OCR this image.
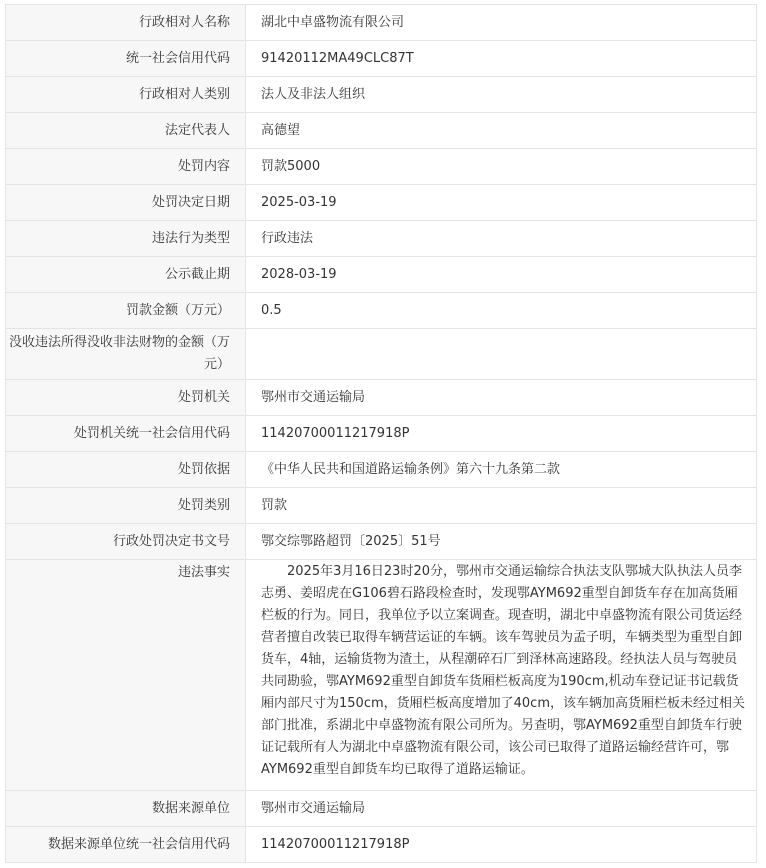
行政相对人名称	湖北中卓盛物流有限公司
统一社会信用代码	91420112MA49CLC87T
行政相对人类别	法人及非法人组织
法定代表人	高德望
处罚内容	罚款5000
处罚决定日期	2025-03-19
违法行为类型	行政违法
公示截止期	2028-03-19
罚款金额（万元）	0.5
没收违法所得没收非法财物的金额（万元）	
处罚机关	鄂州市交通运输局
处罚机关统一社会信用代码	11420700011217918P
处罚依据	《中华人民共和国道路运输条例》第六十九条第二款
处罚类别	罚款
行政处罚决定书文号	鄂交综鄂路超罚〔2025〕51号
违法事实	2025年3月16日23时20分，鄂州市交通运输综合执法支队鄂城大队执法人员李志勇、姜昭虎在G106碧石路段检查时，发现鄂AYM692重型自卸货车存在加高货厢栏板的行为。同日，我单位予以立案调查。现查明，湖北中卓盛物流有限公司货运经营者擅自改装已取得车辆营运证的车辆。该车驾驶员为孟子明，车辆类型为重型自卸货车，4轴，运输货物为渣土，从程潮碎石厂到泽林高速路段。经执法人员与驾驶员共同勘验，鄂AYM692重型自卸货车货厢栏板高度为190cm,机动车登记证书记载货厢内部尺寸为150cm，货厢栏板高度增加了40cm，该车辆加高货厢栏板未经过相关部门批准，系湖北中卓盛物流有限公司所为。另查明，鄂AYM692重型自卸货车行驶证记载所有人为湖北中卓盛物流有限公司，该公司已取得了道路运输经营许可，鄂AYM692重型自卸货车均已取得了道路运输证。
数据来源单位	鄂州市交通运输局
数据来源单位统一社会信用代码	11420700011217918P
